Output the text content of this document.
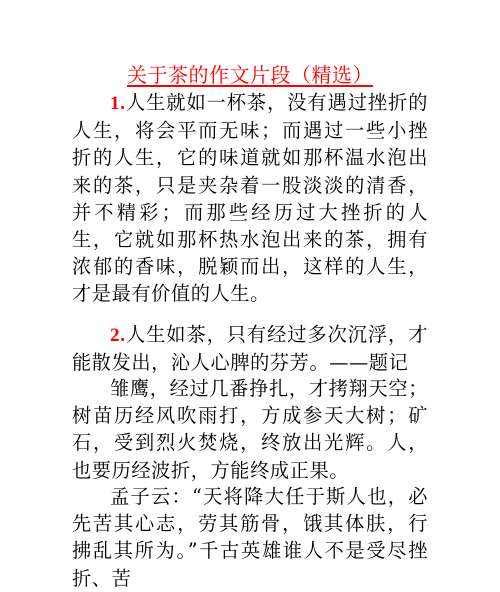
关于茶的作文片段（精选）

1.人生就如一杯茶，没有遇过挫折的人生，将会平而无味；而遇过一些小挫折的人生，它的味道就如那杯温水泡出来的茶，只是夹杂着一股淡淡的清香，并不精彩；而那些经历过大挫折的人生，它就如那杯热水泡出来的茶，拥有浓郁的香味，脱颖而出，这样的人生，才是最有价值的人生。

2.人生如茶，只有经过多次沉浮，才能散发出，沁人心脾的芬芳。——题记

雏鹰，经过几番挣扎，才拷翔天空；树苗历经风吹雨打，方成参天大树；矿石，受到烈火焚烧，终放出光辉。人，也要历经波折，方能终成正果。

孟子云：“天将降大任于斯人也，必先苦其心志，劳其筋骨，饿其体肤，行拂乱其所为。”千古英雄谁人不是受尽挫折、苦
